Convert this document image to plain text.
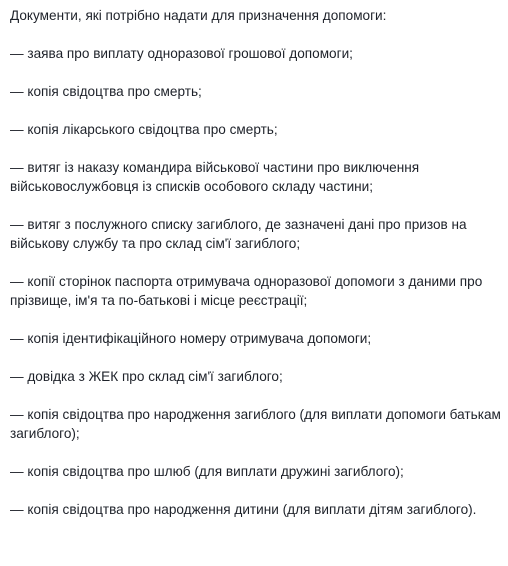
Документи, які потрібно надати для призначення допомоги:
— заява про виплату одноразової грошової допомоги;
— копія свідоцтва про смерть;
— копія лікарського свідоцтва про смерть;
— витяг із наказу командира військової частини про виключення військовослужбовця із списків особового складу частини;
— витяг з послужного списку загиблого, де зазначені дані про призов на військову службу та про склад сім'ї загиблого;
— копії сторінок паспорта отримувача одноразової допомоги з даними про прізвище, ім'я та по-батькові і місце реєстрації;
— копія ідентифікаційного номеру отримувача допомоги;
— довідка з ЖЕК про склад сім'ї загиблого;
— копія свідоцтва про народження загиблого (для виплати допомоги батькам загиблого);
— копія свідоцтва про шлюб (для виплати дружині загиблого);
— копія свідоцтва про народження дитини (для виплати дітям загиблого).
